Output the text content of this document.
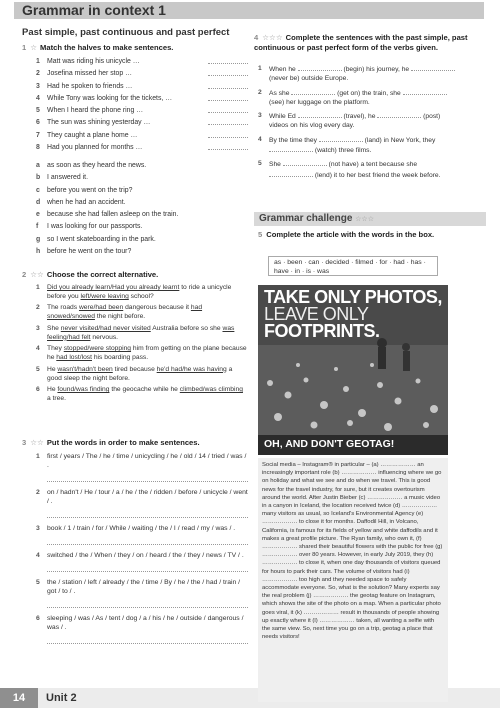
Grammar in context 1
Past simple, past continuous and past perfect
1 ☆ Match the halves to make sentences.
1	Matt was riding his unicycle …
2	Josefina missed her stop …
3	Had he spoken to friends …
4	While Tony was looking for the tickets, …
5	When I heard the phone ring …
6	The sun was shining yesterday …
7	They caught a plane home …
8	Had you planned for months …
a	as soon as they heard the news.
b I answered it.
c	before you went on the trip?
d when he had an accident.
e	because she had fallen asleep on the train.
f	I was looking for our passports.
g so I went skateboarding in the park.
h before he went on the tour?
2 ☆☆ Choose the correct alternative.
1	Did you already learn/Had you already learnt to ride a unicycle before you left/were leaving school?
2	The roads were/had been dangerous because it had snowed/snowed the night before.
3	She never visited/had never visited Australia before so she was feeling/had felt nervous.
4	They stopped/were stopping him from getting on the plane because he had lost/lost his boarding pass.
5	He wasn't/hadn't been tired because he'd had/he was having a good sleep the night before.
6	He found/was finding the geocache while he climbed/was climbing a tree.
3 ☆☆ Put the words in order to make sentences.
1	first / years / The / he / time / unicycling / he / old / 14 / tried / was / .
2	on / hadn't / He / tour / a / he / the / ridden / before / unicycle / went / .
3	book / 1 / train / for / While / waiting / the / I / read / my / was / .
4	switched / the / When / they / on / heard / the / they / news / TV / .
5	the / station / left / already / the / time / By / he / the / had / train / got / to / .
6	sleeping / was / As / tent / dog / a / his / he / outside / dangerous / was / .
4 ☆☆☆ Complete the sentences with the past simple, past continuous or past perfect form of the verbs given.
1	When he	(begin) his journey, he  (never be) outside Europe.
2	As she	(get on) the train, she  (see) her luggage on the platform.
3	While Ed	(travel), he	(post) videos on his vlog every day.
4	By the time they	(land) in New York, they  (watch) three films.
5	She	(not have) a tent because she  (lend) it to her best friend the week before.
Grammar challenge ☆☆☆
5 Complete the article with the words in the box.
as · been · can · decided · filmed · for · had · has · have · in · is · was
TAKE ONLY PHOTOS,
LEAVE ONLY
FOOTPRINTS.
OH, AND DON'T GEOTAG!
Social media – Instagram® in particular – (a) ……………… an increasingly important role (b) ……………… influencing where we go on holiday and what we see and do when we travel. This is good news for the travel industry, for sure, but it creates overtourism around the world. After Justin Bieber (c) ……………… a music video in a canyon in Iceland, the location received twice (d) ……………… many visitors as usual, so Iceland's Environmental Agency (e) ……………… to close it for months. Daffodil Hill, in Volcano, California, is famous for its fields of yellow and white daffodils and it makes a great profile picture. The Ryan family, who own it, (f) ……………… shared their beautiful flowers with the public for free (g) ……………… over 80 years. However, in early July 2019, they (h) ……………… to close it, when one day thousands of visitors queued for hours to park their cars. The volume of visitors had (i) ……………… too high and they needed space to safely accommodate everyone. So, what is the solution? Many experts say the real problem (j) ……………… the geotag feature on Instagram, which shows the site of the photo on a map. When a particular photo goes viral, it (k) ……………… result in thousands of people showing up exactly where it (l) ……………… taken, all wanting a selfie with the same view. So, next time you go on a trip, geotag a place that needs visitors!
14	Unit 2
